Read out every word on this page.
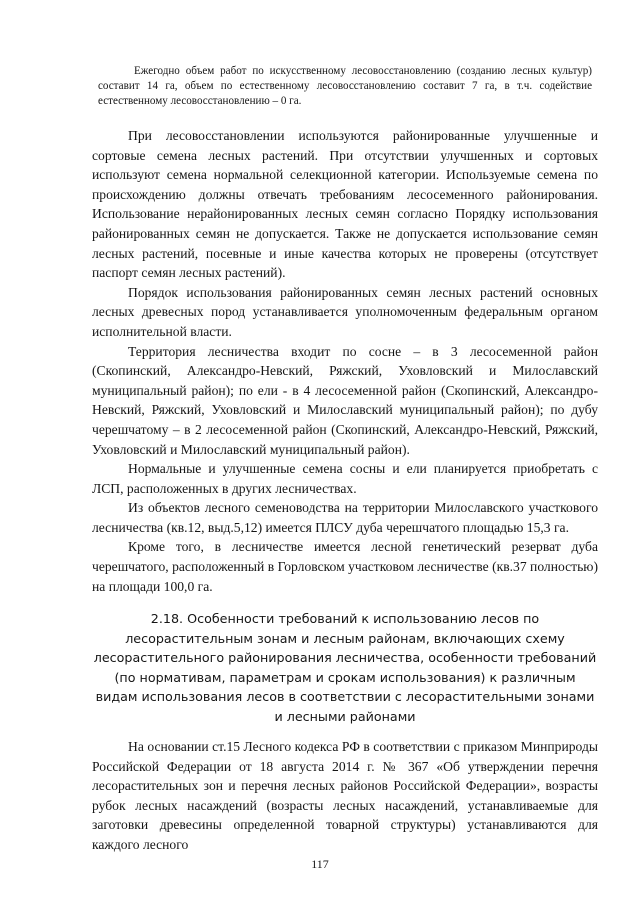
Ежегодно объем работ по искусственному лесовосстановлению (созданию лесных культур) составит 14 га, объем по естественному лесовосстановлению составит 7 га, в т.ч. содействие естественному лесовосстановлению – 0 га.

При лесовосстановлении используются районированные улучшенные и сортовые семена лесных растений. При отсутствии улучшенных и сортовых используют семена нормальной селекционной категории. Используемые семена по происхождению должны отвечать требованиям лесосеменного районирования. Использование нерайонированных лесных семян согласно Порядку использования районированных семян не допускается. Также не допускается использование семян лесных растений, посевные и иные качества которых не проверены (отсутствует паспорт семян лесных растений).

Порядок использования районированных семян лесных растений основных лесных древесных пород устанавливается уполномоченным федеральным органом исполнительной власти.

Территория лесничества входит по сосне – в 3 лесосеменной район (Скопинский, Александро-Невский, Ряжский, Уховловский и Милославский муниципальный район); по ели - в 4 лесосеменной район (Скопинский, Александро-Невский, Ряжский, Уховловский и Милославский муниципальный район); по дубу черешчатому – в 2 лесосеменной район (Скопинский, Александро-Невский, Ряжский, Уховловский и Милославский муниципальный район).

Нормальные и улучшенные семена сосны и ели планируется приобретать с ЛСП, расположенных в других лесничествах.

Из объектов лесного семеноводства на территории Милославского участкового лесничества (кв.12, выд.5,12) имеется ПЛСУ дуба черешчатого площадью 15,3 га.

Кроме того, в лесничестве имеется лесной генетический резерват дуба черешчатого, расположенный в Горловском участковом лесничестве (кв.37 полностью) на площади 100,0 га.

2.18. Особенности требований к использованию лесов по лесорастительным зонам и лесным районам, включающих схему лесорастительного районирования лесничества, особенности требований (по нормативам, параметрам и срокам использования) к различным видам использования лесов в соответствии с лесорастительными зонами и лесными районами

На основании ст.15 Лесного кодекса РФ в соответствии с приказом Минприроды Российской Федерации от 18 августа 2014 г. № 367 «Об утверждении перечня лесорастительных зон и перечня лесных районов Российской Федерации», возрасты рубок лесных насаждений (возрасты лесных насаждений, устанавливаемые для заготовки древесины определенной товарной структуры) устанавливаются для каждого лесного

117
